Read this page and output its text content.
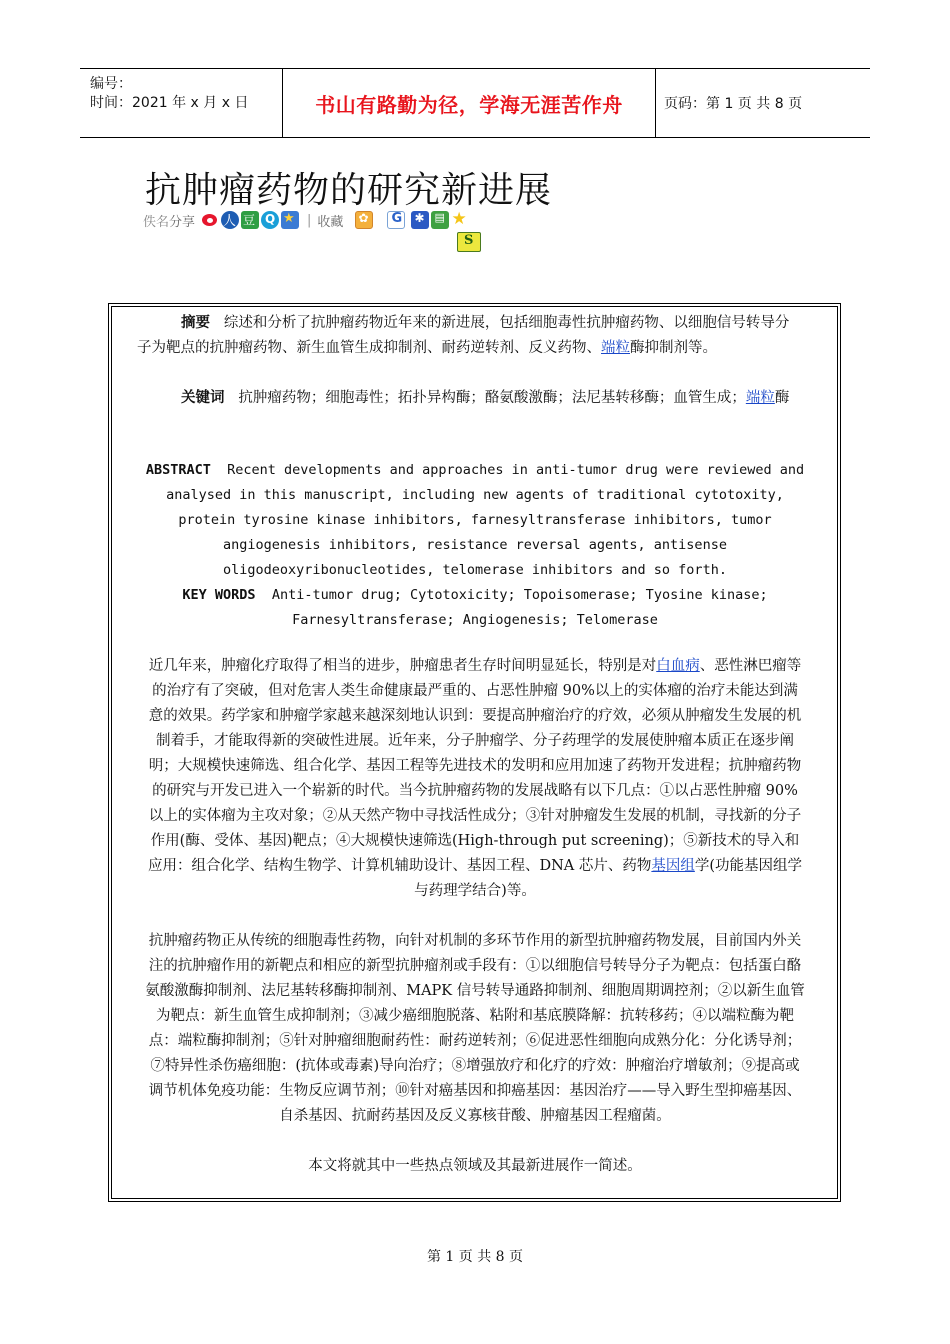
编号：
时间：2021 年 x 月 x 日	书山有路勤为径，学海无涯苦作舟	页码：第 1 页 共 8 页
抗肿瘤药物的研究新进展
佚名 分享 人 豆 Q ★	| 收藏
✿
G
✱
▤
★
S
摘要 综述和分析了抗肿瘤药物近年来的新进展，包括细胞毒性抗肿瘤药物、以细胞信号转导分子为靶点的抗肿瘤药物、新生血管生成抑制剂、耐药逆转剂、反义药物、端粒酶抑制剂等。
关键词 抗肿瘤药物；细胞毒性；拓扑异构酶；酪氨酸激酶；法尼基转移酶；血管生成；端粒酶
ABSTRACT Recent developments and approaches in anti-tumor drug were reviewed and analysed in this manuscript, including new agents of traditional cytotoxity, protein tyrosine kinase inhibitors, farnesyltransferase inhibitors, tumor angiogenesis inhibitors, resistance reversal agents, antisense oligodeoxyribonucleotides, telomerase inhibitors and so forth.
KEY WORDS Anti-tumor drug; Cytotoxicity; Topoisomerase; Tyosine kinase; Farnesyltransferase; Angiogenesis; Telomerase
近几年来，肿瘤化疗取得了相当的进步，肿瘤患者生存时间明显延长，特别是对白血病、恶性淋巴瘤等的治疗有了突破，但对危害人类生命健康最严重的、占恶性肿瘤 90%以上的实体瘤的治疗未能达到满意的效果。药学家和肿瘤学家越来越深刻地认识到：要提高肿瘤治疗的疗效，必须从肿瘤发生发展的机制着手，才能取得新的突破性进展。近年来，分子肿瘤学、分子药理学的发展使肿瘤本质正在逐步阐明；大规模快速筛选、组合化学、基因工程等先进技术的发明和应用加速了药物开发进程；抗肿瘤药物的研究与开发已进入一个崭新的时代。当今抗肿瘤药物的发展战略有以下几点：①以占恶性肿瘤 90%以上的实体瘤为主攻对象；②从天然产物中寻找活性成分；③针对肿瘤发生发展的机制，寻找新的分子作用(酶、受体、基因)靶点；④大规模快速筛选(High-through put screening)；⑤新技术的导入和应用：组合化学、结构生物学、计算机辅助设计、基因工程、DNA 芯片、药物基因组学(功能基因组学与药理学结合)等。
抗肿瘤药物正从传统的细胞毒性药物，向针对机制的多环节作用的新型抗肿瘤药物发展，目前国内外关注的抗肿瘤作用的新靶点和相应的新型抗肿瘤剂或手段有：①以细胞信号转导分子为靶点：包括蛋白酪氨酸激酶抑制剂、法尼基转移酶抑制剂、MAPK 信号转导通路抑制剂、细胞周期调控剂；②以新生血管为靶点：新生血管生成抑制剂；③减少癌细胞脱落、粘附和基底膜降解：抗转移药；④以端粒酶为靶点：端粒酶抑制剂；⑤针对肿瘤细胞耐药性：耐药逆转剂；⑥促进恶性细胞向成熟分化：分化诱导剂；⑦特异性杀伤癌细胞：(抗体或毒素)导向治疗；⑧增强放疗和化疗的疗效：肿瘤治疗增敏剂；⑨提高或调节机体免疫功能：生物反应调节剂；⑩针对癌基因和抑癌基因：基因治疗——导入野生型抑癌基因、自杀基因、抗耐药基因及反义寡核苷酸、肿瘤基因工程瘤菌。
本文将就其中一些热点领域及其最新进展作一简述。
第 1 页 共 8 页
